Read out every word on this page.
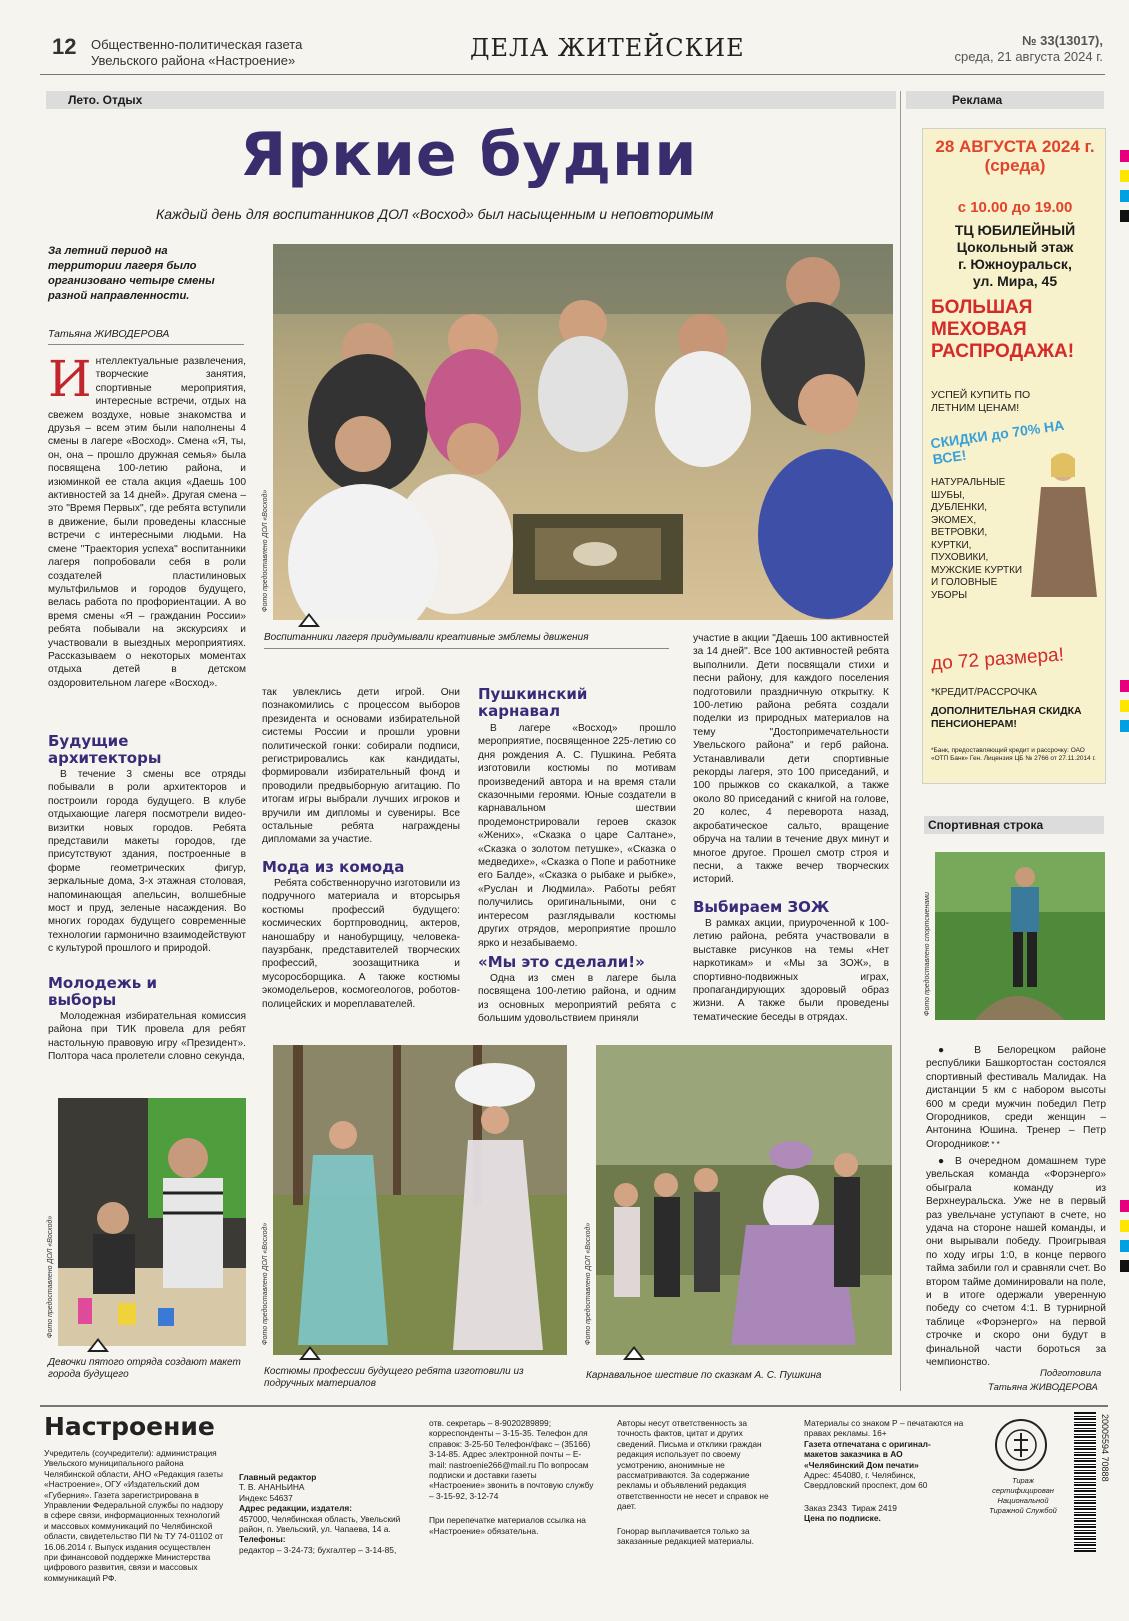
12 Общественно-политическая газета
Увельского района «Настроение»	ДЕЛА ЖИТЕЙСКИЕ	№ 33(13017),
среда, 21 августа 2024 г.
Лето. Отдых	Реклама
Яркие будни
Каждый день для воспитанников ДОЛ «Восход» был насыщенным и неповторимым
За летний период на территории лагеря было организовано четыре смены разной направленности.
Татьяна ЖИВОДЕРОВА
И нтеллектуальные развлечения, творческие занятия, спортивные мероприятия, интересные встречи, отдых на свежем воздухе, новые знакомства и друзья – всем этим были наполнены 4 смены в лагере «Восход». Смена «Я, ты, он, она – прошло дружная семья» была посвящена 100-летию района, и изюминкой ее стала акция «Даешь 100 активностей за 14 дней». Другая смена – это "Время Первых", где ребята вступили в движение, были проведены классные встречи с интересными людьми. На смене "Траектория успеха" воспитанники лагеря попробовали себя в роли создателей пластилиновых мультфильмов и городов будущего, велась работа по профориентации. А во время смены «Я – гражданин России» ребята побывали на экскурсиях и участвовали в выездных мероприятиях. Рассказываем о некоторых моментах отдыха детей в детском оздоровительном лагере «Восход».
Фото предоставлено ДОЛ «Восход»
Воспитанники лагеря придумывали креативные эмблемы движения
Будущие архитекторы

В течение 3 смены все отряды побывали в роли архитекторов и построили города будущего. В клубе отдыхающие лагеря посмотрели видео-визитки новых городов. Ребята представили макеты городов, где присутствуют здания, построенные в форме геометрических фигур, зеркальные дома, 3-х этажная столовая, напоминающая апельсин, волшебные мост и пруд, зеленые насаждения. Во многих городах будущего современные технологии гармонично взаимодействуют с культурой прошлого и природой.

Молодежь и выборы

Молодежная избирательная комиссия района при ТИК провела для ребят настольную правовую игру «Президент». Полтора часа пролетели словно секунда,

так увлеклись дети игрой. Они познакомились с процессом выборов президента и основами избирательной системы России и прошли уровни политической гонки: собирали подписи, регистрировались как кандидаты, формировали избирательный фонд и проводили предвыборную агитацию. По итогам игры выбрали лучших игроков и вручили им дипломы и сувениры. Все остальные ребята награждены дипломами за участие.

Мода из комода

Ребята собственноручно изготовили из подручного материала и вторсырья костюмы профессий будущего: космических бортпроводниц, актеров, наношабру и нанобурщицу, человека-паузрбанк, представителей творческих профессий, зоозащитника и мусоросборщика. А также костюмы экомодельеров, космогеологов, роботов-полицейских и мореплавателей.

Пушкинский карнавал

В лагере «Восход» прошло мероприятие, посвященное 225-летию со дня рождения А. С. Пушкина. Ребята изготовили костюмы по мотивам произведений автора и на время стали сказочными героями. Юные создатели в карнавальном шествии продемонстрировали героев сказок «Жених», «Сказка о царе Салтане», «Сказка о золотом петушке», «Сказка о медведихе», «Сказка о Попе и работнике его Балде», «Сказка о рыбаке и рыбке», «Руслан и Людмила». Работы ребят получились оригинальными, они с интересом разглядывали костюмы других отрядов, мероприятие прошло ярко и незабываемо.

«Мы это сделали!»

Одна из смен в лагере была посвящена 100-летию района, и одним из основных мероприятий ребята с большим удовольствием приняли

участие в акции "Даешь 100 активностей за 14 дней". Все 100 активностей ребята выполнили. Дети посвящали стихи и песни району, для каждого поселения подготовили праздничную открытку. К 100-летию района ребята создали поделки из природных материалов на тему "Достопримечательности Увельского района" и герб района. Устанавливали дети спортивные рекорды лагеря, это 100 приседаний, и 100 прыжков со скакалкой, а также около 80 приседаний с книгой на голове, 20 колес, 4 переворота назад, акробатическое сальто, вращение обруча на талии в течение двух минут и многое другое. Прошел смотр строя и песни, а также вечер творческих историй.

Выбираем ЗОЖ

В рамках акции, приуроченной к 100-летию района, ребята участвовали в выставке рисунков на темы «Нет наркотикам» и «Мы за ЗОЖ», в спортивно-подвижных играх, пропагандирующих здоровый образ жизни. А также были проведены тематические беседы в отрядах.

Фото предоставлено ДОЛ «Восход»
Девочки пятого отряда создают макет города будущего
Фото предоставлено ДОЛ «Восход»
Костюмы профессии будущего ребята изготовили из подручных материалов
Фото предоставлено ДОЛ «Восход»
Карнавальное шествие по сказкам А. С. Пушкина
28 АВГУСТА 2024 г. (среда)
с 10.00 до 19.00
ТЦ ЮБИЛЕЙНЫЙ
Цокольный этаж
г. Южноуральск,
ул. Мира, 45
БОЛЬШАЯ МЕХОВАЯ РАСПРОДАЖА!
УСПЕЙ КУПИТЬ ПО ЛЕТНИМ ЦЕНАМ!
СКИДКИ до 70% НА ВСЕ!
НАТУРАЛЬНЫЕ ШУБЫ,
ДУБЛЕНКИ,
ЭКОМЕХ,
ВЕТРОВКИ,
КУРТКИ,
ПУХОВИКИ,
МУЖСКИЕ КУРТКИ
И ГОЛОВНЫЕ УБОРЫ
до 72 размера!
*КРЕДИТ/РАССРОЧКА
ДОПОЛНИТЕЛЬНАЯ СКИДКА ПЕНСИОНЕРАМ!
*Банк, предоставляющий кредит и рассрочку: ОАО «ОТП Банк» Ген. Лицензия ЦБ № 2766 от 27.11.2014 г.
Спортивная строка
Фото предоставлено спортсменами

● В Белорецком районе республики Башкортостан состоялся спортивный фестиваль Малидак. На дистанции 5 км с набором высоты 600 м среди мужчин победил Петр Огородников, среди женщин – Антонина Юшина. Тренер – Петр Огородников.

* * *

● В очередном домашнем туре увельская команда «Форэнерго» обыграла команду из Верхнеуральска. Уже не в первый раз увельчане уступают в счете, но удача на стороне нашей команды, и они вырывали победу. Проигрывая по ходу игры 1:0, в конце первого тайма забили гол и сравняли счет. Во втором тайме доминировали на поле, и в итоге одержали уверенную победу со счетом 4:1. В турнирной таблице «Форэнерго» на первой строчке и скоро они будут в финальной части бороться за чемпионство.

Подготовила
Татьяна ЖИВОДЕРОВА
Настроение
Учредитель (соучредители): администрация Увельского муниципального района Челябинской области, АНО «Редакция газеты «Настроение», ОГУ «Издательский дом «Губерния». Газета зарегистрирована в Управлении Федеральной службы по надзору в сфере связи, информационных технологий и массовых коммуникаций по Челябинской области, свидетельство ПИ № ТУ 74-01102 от 16.06.2014 г. Выпуск издания осуществлен при финансовой поддержке Министерства цифрового развития, связи и массовых коммуникаций РФ.
Главный редактор
Т. В. АНАНЬИНА
Индекс 54637
Адрес редакции, издателя:
457000, Челябинская область, Увельский район, п. Увельский, ул. Чапаева, 14 а.
Телефоны:
редактор – 3-24-73; бухгалтер – 3-14-85,
отв. секретарь – 8-9020289899; корреспонденты – 3-15-35. Телефон для справок: 3-25-50 Телефон/факс – (35166) 3-14-85. Адрес электронной почты – E-mail: nastroenie266@mail.ru По вопросам подписки и доставки газеты «Настроение» звонить в почтовую службу – 3-15-92, 3-12-74
При перепечатке материалов ссылка на «Настроение» обязательна.
Авторы несут ответственность за точность фактов, цитат и других сведений. Письма и отклики граждан редакция использует по своему усмотрению, анонимные не рассматриваются. За содержание рекламы и объявлений редакция ответственности не несет и справок не дает.
Гонорар выплачивается только за заказанные редакцией материалы.
Материалы со знаком Р – печатаются на правах рекламы. 16+
Газета отпечатана с оригинал-макетов заказчика в АО «Челябинский Дом печати»
Адрес: 454080, г. Челябинск, Свердловский проспект, дом 60
Заказ 2343 Тираж 2419
Цена по подписке.
Тираж сертифицирован Национальной Тиражной Службой
20005594 70888
